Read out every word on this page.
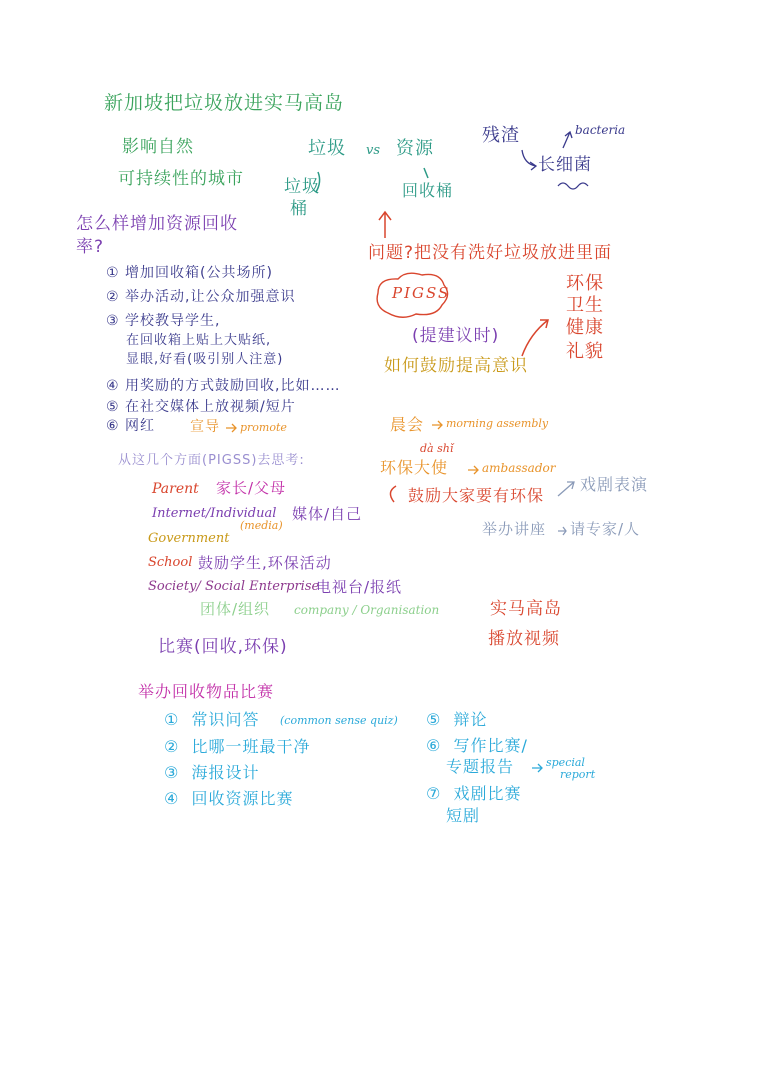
新加坡把垃圾放进实马高岛
影响自然
可持续性的城市
垃圾 vs 资源
垃圾
桶
回收桶
残渣	bacteria
长细菌
怎么样增加资源回收
率?
① 增加回收箱(公共场所)
② 举办活动,让公众加强意识
③ 学校教导学生,
在回收箱上贴上大贴纸,
显眼,好看(吸引别人注意)
④ 用奖励的方式鼓励回收,比如……
⑤ 在社交媒体上放视频/短片
⑥ 网红 宣导 promote
问题?把没有洗好垃圾放进里面
PIGSS	环保
卫生
健康
礼貌
(提建议时)
如何鼓励提高意识
晨会 morning assembly
dà shǐ
环保大使	ambassador
鼓励大家要有环保
戏剧表演
举办讲座 请专家/人
从这几个方面(PIGSS)去思考:
Parent 家长/父母
Internet/Individual 媒体/自己
(media)
Government
School 鼓励学生,环保活动
Society/ Social Enterprise
电视台/报纸
团体/组织 company / Organisation	实马高岛
播放视频
比赛(回收,环保)
举办回收物品比赛
① 常识问答 (common sense quiz)
② 比哪一班最干净
③ 海报设计
④ 回收资源比赛
⑤ 辩论
⑥ 写作比赛/
专题报告	special
report
⑦ 戏剧比赛
短剧
